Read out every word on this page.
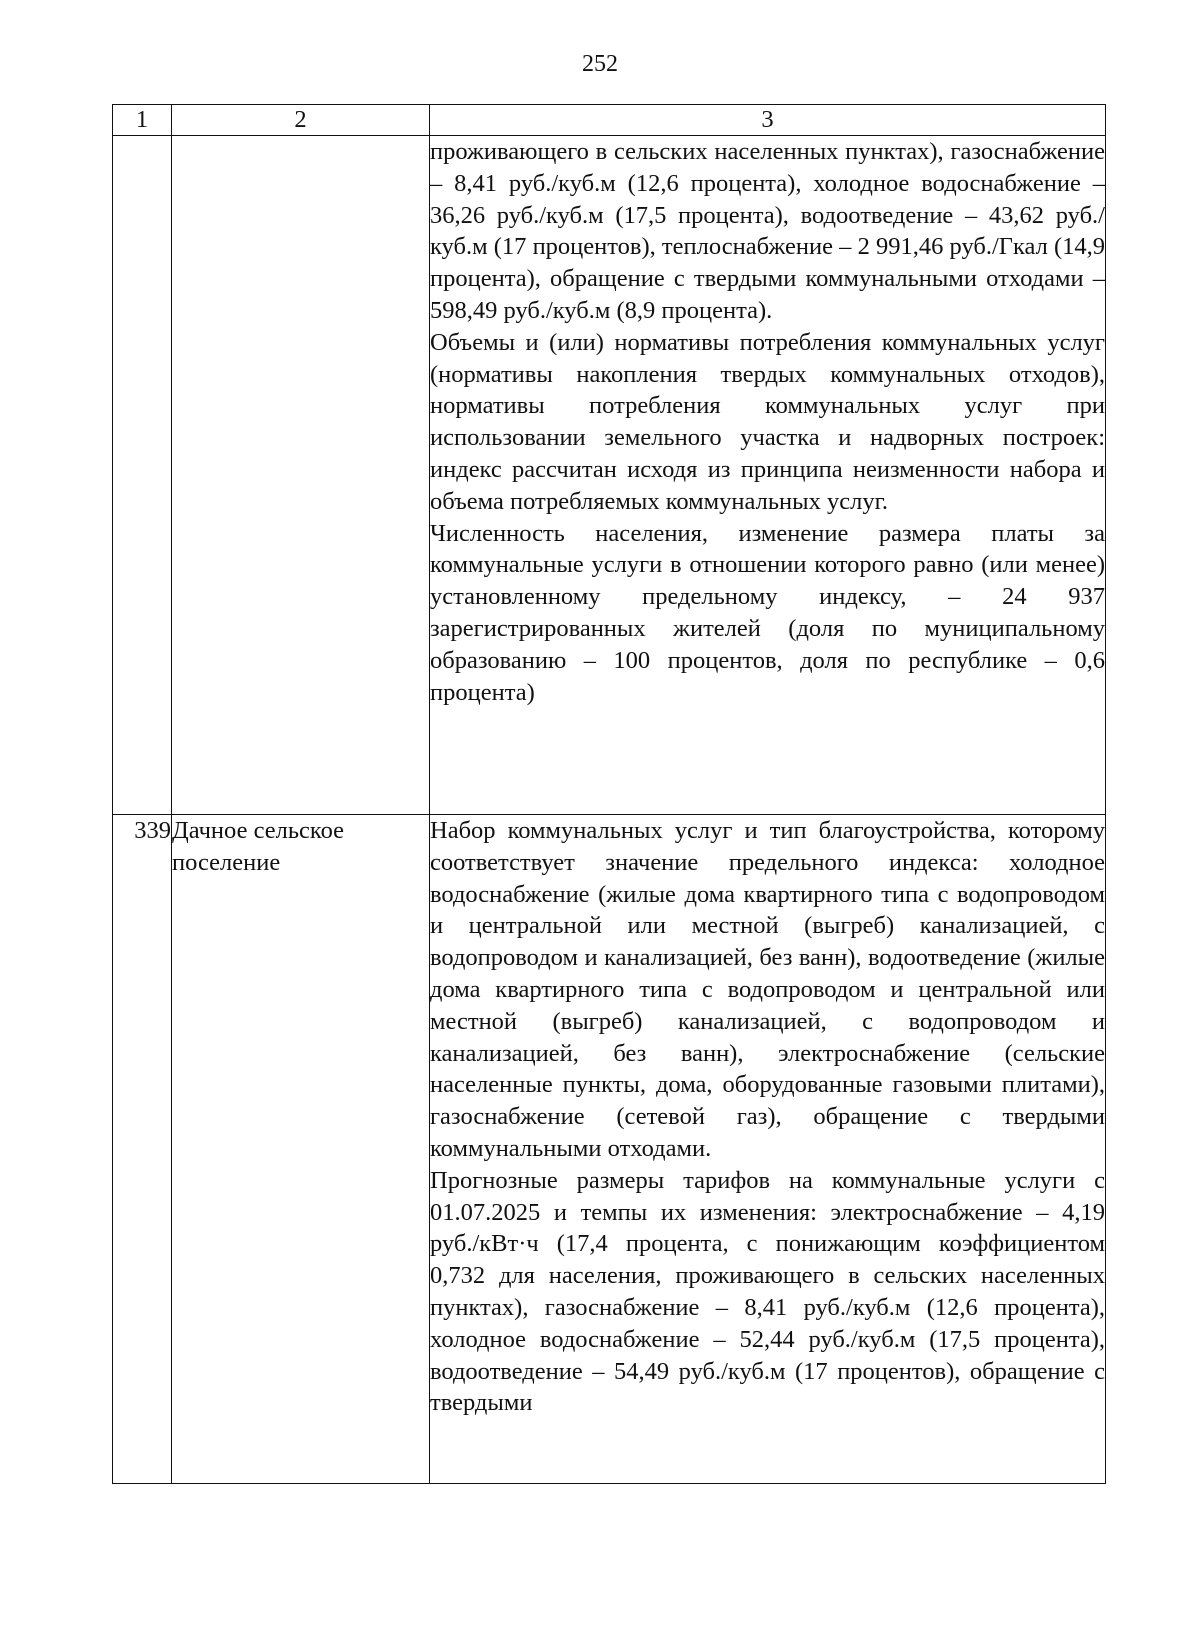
252
1	2	3

		проживающего в сельских населенных пунктах), газоснабжение – 8,41 руб./куб.м (12,6 процента), холодное водоснабжение – 36,26 руб./куб.м (17,5 процента), водоотведение – 43,62 руб./куб.м (17 процентов), теплоснабжение – 2 991,46 руб./Гкал (14,9 процента), обращение с твердыми коммунальными отходами – 598,49 руб./куб.м (8,9 процента).

Объемы и (или) нормативы потребления коммунальных услуг (нормативы накопления твердых коммунальных отходов), нормативы потребления коммунальных услуг при использовании земельного участка и надворных построек: индекс рассчитан исходя из принципа неизменности набора и объема потребляемых коммунальных услуг.

Численность населения, изменение размера платы за коммунальные услуги в отношении которого равно (или менее) установленному предельному индексу, – 24 937 зарегистрированных жителей (доля по муниципальному образованию – 100 процентов, доля по республике – 0,6 процента)

339	Дачное сельское поселение	Набор коммунальных услуг и тип благоустройства, которому соответствует значение предельного индекса: холодное водоснабжение (жилые дома квартирного типа с водопроводом и центральной или местной (выгреб) канализацией, с водопроводом и канализацией, без ванн), водоотведение (жилые дома квартирного типа с водопроводом и центральной или местной (выгреб) канализацией, с водопроводом и канализацией, без ванн), электроснабжение (сельские населенные пункты, дома, оборудованные газовыми плитами), газоснабжение (сетевой газ), обращение с твердыми коммунальными отходами.

Прогнозные размеры тарифов на коммунальные услуги с 01.07.2025 и темпы их изменения: электроснабжение – 4,19 руб./кВт·ч (17,4 процента, с понижающим коэффициентом 0,732 для населения, проживающего в сельских населенных пунктах), газоснабжение – 8,41 руб./куб.м (12,6 процента), холодное водоснабжение – 52,44 руб./куб.м (17,5 процента), водоотведение – 54,49 руб./куб.м (17 процентов), обращение с твердыми
